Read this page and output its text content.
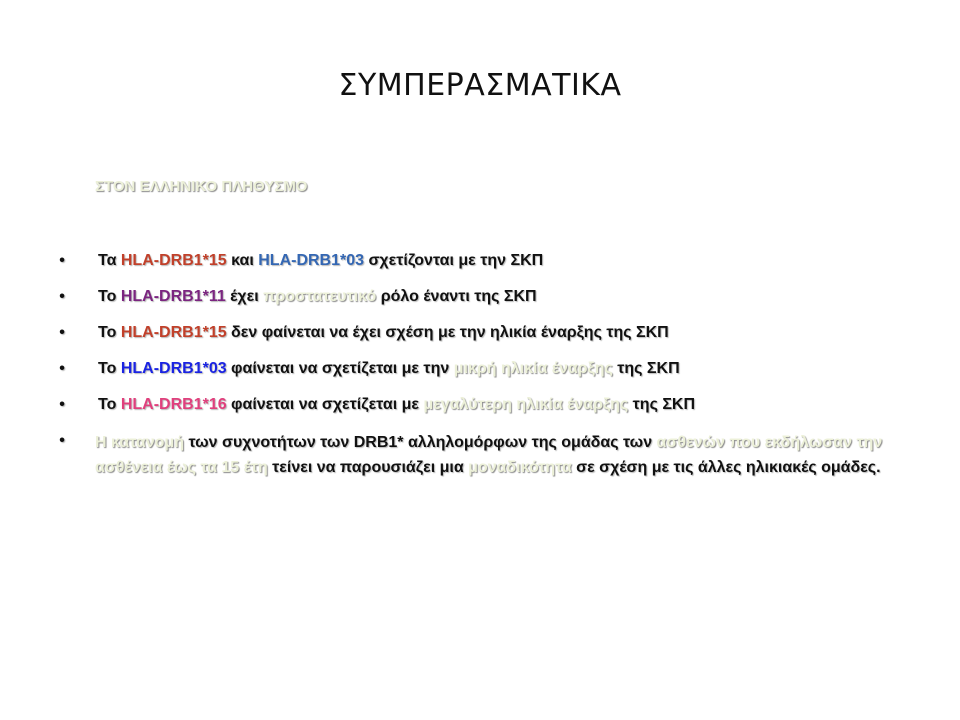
ΣΥΜΠΕΡΑΣΜΑΤΙΚΑ
ΣΤΟΝ ΕΛΛΗΝΙΚΟ ΠΛΗΘΥΣΜΟ
• Τα HLA-DRB1*15 και HLA-DRB1*03 σχετίζονται με την ΣΚΠ
• Το HLA-DRB1*11 έχει προστατευτικό ρόλο έναντι της ΣΚΠ
• Το HLA-DRB1*15 δεν φαίνεται να έχει σχέση με την ηλικία έναρξης της ΣΚΠ
• Το HLA-DRB1*03 φαίνεται να σχετίζεται με την μικρή ηλικία έναρξης της ΣΚΠ
• Το HLA-DRB1*16 φαίνεται να σχετίζεται με μεγαλύτερη ηλικία έναρξης της ΣΚΠ
• Η κατανομή των συχνοτήτων των DRB1* αλληλομόρφων της ομάδας των ασθενών που εκδήλωσαν την ασθένεια έως τα 15 έτη τείνει να παρουσιάζει μια μοναδικότητα σε σχέση με τις άλλες ηλικιακές ομάδες.
